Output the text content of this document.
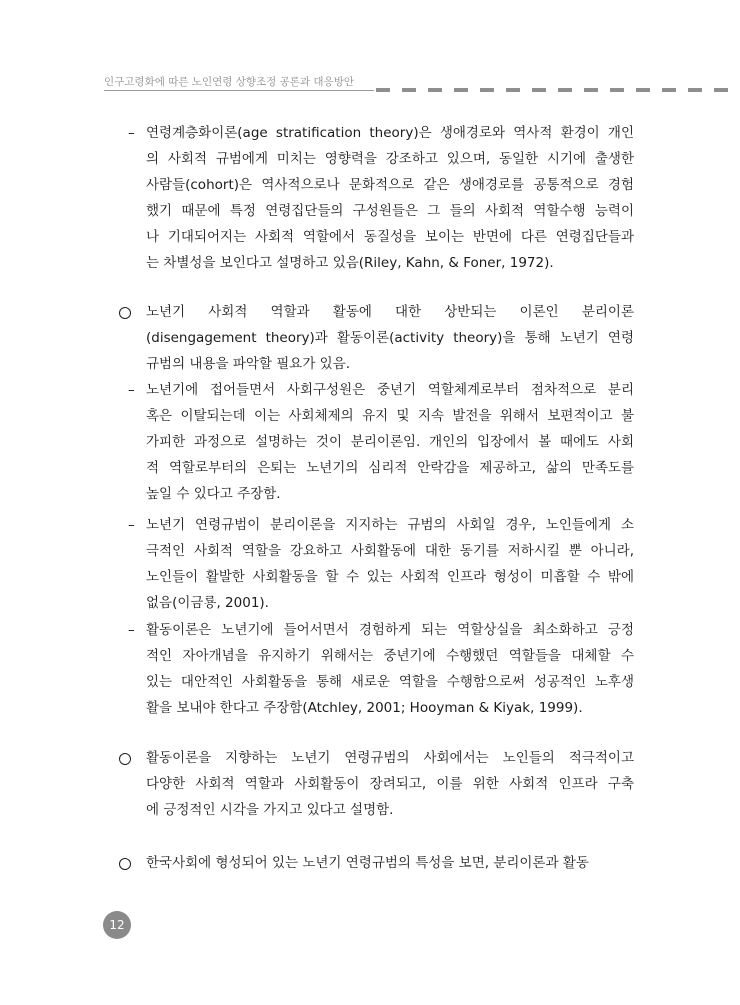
인구고령화에 따른 노인연령 상향조정 공론과 대응방안
– 연령계층화이론(age stratification theory)은 생애경로와 역사적 환경이 개인
의 사회적 규범에게 미치는 영향력을 강조하고 있으며, 동일한 시기에 출생한
사람들(cohort)은 역사적으로나 문화적으로 같은 생애경로를 공통적으로 경험
했기 때문에 특정 연령집단들의 구성원들은 그 들의 사회적 역할수행 능력이
나 기대되어지는 사회적 역할에서 동질성을 보이는 반면에 다른 연령집단들과
는 차별성을 보인다고 설명하고 있음(Riley, Kahn, & Foner, 1972).
노년기 사회적 역할과 활동에 대한 상반되는 이론인 분리이론
(disengagement theory)과 활동이론(activity theory)을 통해 노년기 연령
규범의 내용을 파악할 필요가 있음.
– 노년기에 접어들면서 사회구성원은 중년기 역할체계로부터 점차적으로 분리
혹은 이탈되는데 이는 사회체제의 유지 및 지속 발전을 위해서 보편적이고 불
가피한 과정으로 설명하는 것이 분리이론임. 개인의 입장에서 볼 때에도 사회
적 역할로부터의 은퇴는 노년기의 심리적 안락감을 제공하고, 삶의 만족도를
높일 수 있다고 주장함.
– 노년기 연령규범이 분리이론을 지지하는 규범의 사회일 경우, 노인들에게 소
극적인 사회적 역할을 강요하고 사회활동에 대한 동기를 저하시킬 뿐 아니라,
노인들이 활발한 사회활동을 할 수 있는 사회적 인프라 형성이 미흡할 수 밖에
없음(이금룡, 2001).
– 활동이론은 노년기에 들어서면서 경험하게 되는 역할상실을 최소화하고 긍정
적인 자아개념을 유지하기 위해서는 중년기에 수행했던 역할들을 대체할 수
있는 대안적인 사회활동을 통해 새로운 역할을 수행함으로써 성공적인 노후생
활을 보내야 한다고 주장함(Atchley, 2001; Hooyman & Kiyak, 1999).
활동이론을 지향하는 노년기 연령규범의 사회에서는 노인들의 적극적이고
다양한 사회적 역할과 사회활동이 장려되고, 이를 위한 사회적 인프라 구축
에 긍정적인 시각을 가지고 있다고 설명함.
한국사회에 형성되어 있는 노년기 연령규범의 특성을 보면, 분리이론과 활동
12
